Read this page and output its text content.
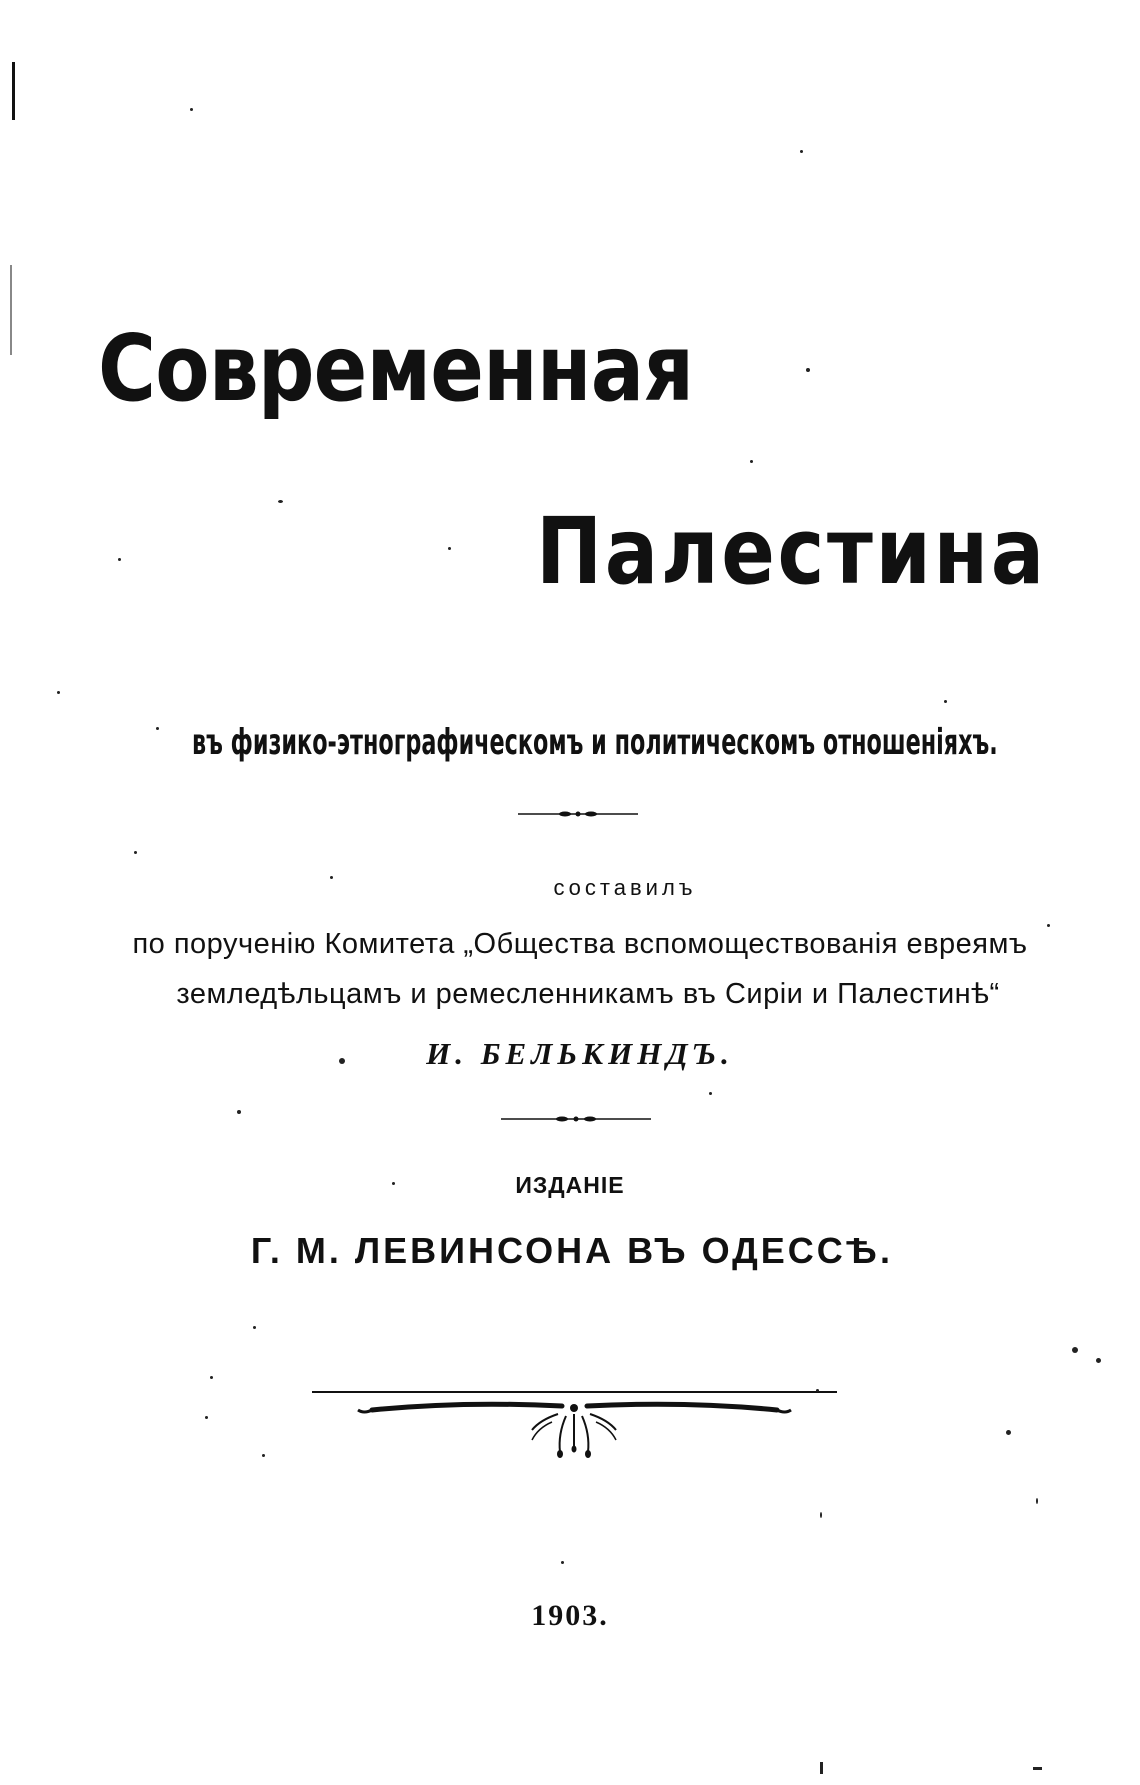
Современная
Палестина
въ физико-этнографическомъ и политическомъ отношеніяхъ.
составилъ
по порученію Комитета „Общества вспомоществованія евреямъ
земледѣльцамъ и ремесленникамъ въ Сиріи и Палестинѣ“
И. БЕЛЬКИНДЪ.
ИЗДАНІЕ
Г. М. ЛЕВИНСОНА ВЪ ОДЕССѢ.
1903.
